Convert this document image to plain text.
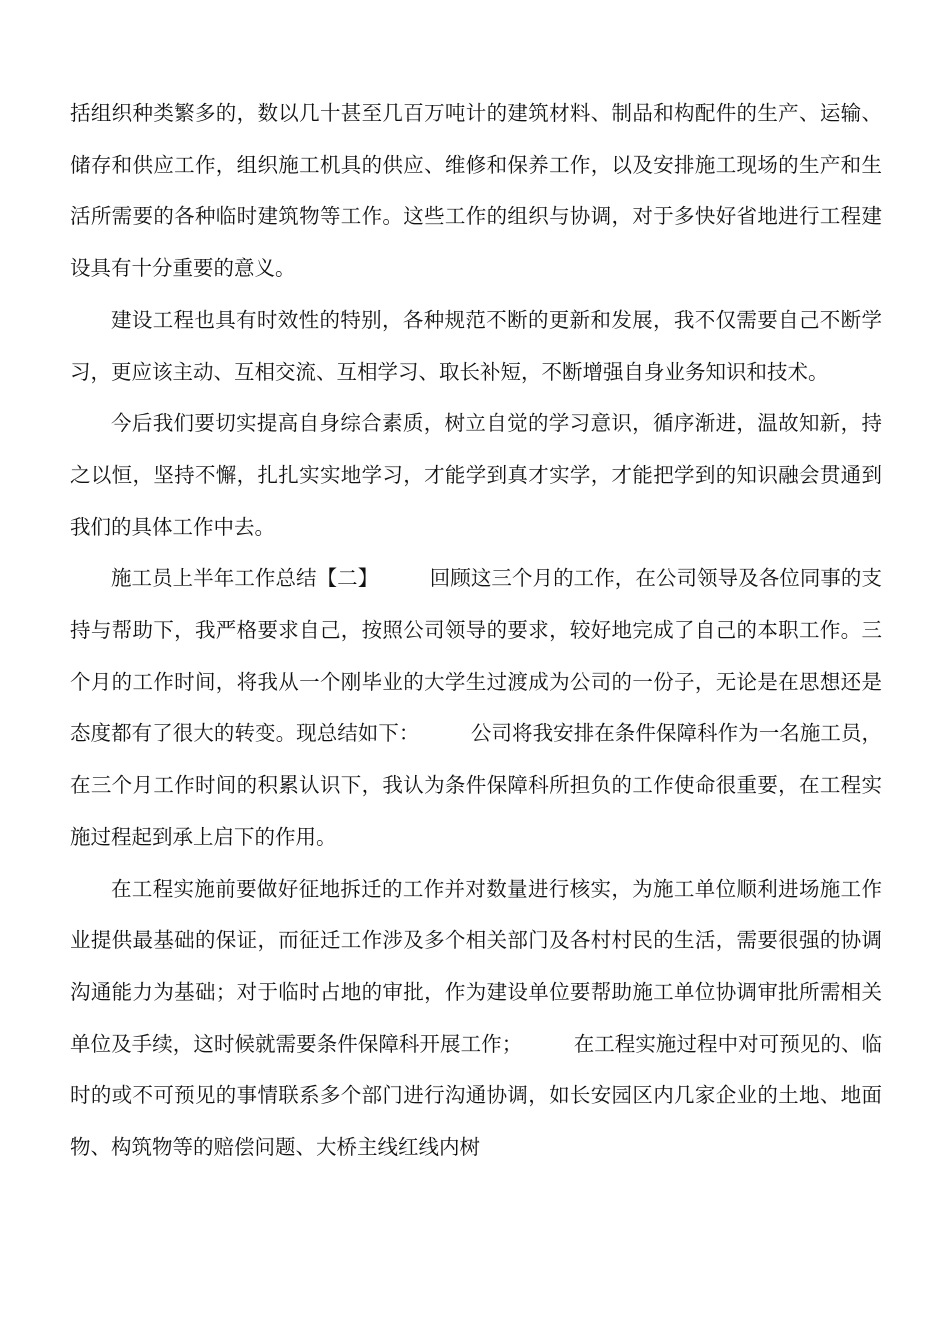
括组织种类繁多的，数以几十甚至几百万吨计的建筑材料、制品和构配件的生产、运输、储存和供应工作，组织施工机具的供应、维修和保养工作，以及安排施工现场的生产和生活所需要的各种临时建筑物等工作。这些工作的组织与协调，对于多快好省地进行工程建设具有十分重要的意义。

建设工程也具有时效性的特别，各种规范不断的更新和发展，我不仅需要自己不断学习，更应该主动、互相交流、互相学习、取长补短，不断增强自身业务知识和技术。

今后我们要切实提高自身综合素质，树立自觉的学习意识，循序渐进，温故知新，持之以恒，坚持不懈，扎扎实实地学习，才能学到真才实学，才能把学到的知识融会贯通到我们的具体工作中去。

施工员上半年工作总结【二】　　　回顾这三个月的工作，在公司领导及各位同事的支持与帮助下，我严格要求自己，按照公司领导的要求，较好地完成了自己的本职工作。三个月的工作时间，将我从一个刚毕业的大学生过渡成为公司的一份子，无论是在思想还是态度都有了很大的转变。现总结如下：　　　公司将我安排在条件保障科作为一名施工员，在三个月工作时间的积累认识下，我认为条件保障科所担负的工作使命很重要，在工程实施过程起到承上启下的作用。

在工程实施前要做好征地拆迁的工作并对数量进行核实，为施工单位顺利进场施工作业提供最基础的保证，而征迁工作涉及多个相关部门及各村村民的生活，需要很强的协调沟通能力为基础；对于临时占地的审批，作为建设单位要帮助施工单位协调审批所需相关单位及手续，这时候就需要条件保障科开展工作；　　　在工程实施过程中对可预见的、临时的或不可预见的事情联系多个部门进行沟通协调，如长安园区内几家企业的土地、地面物、构筑物等的赔偿问题、大桥主线红线内树
